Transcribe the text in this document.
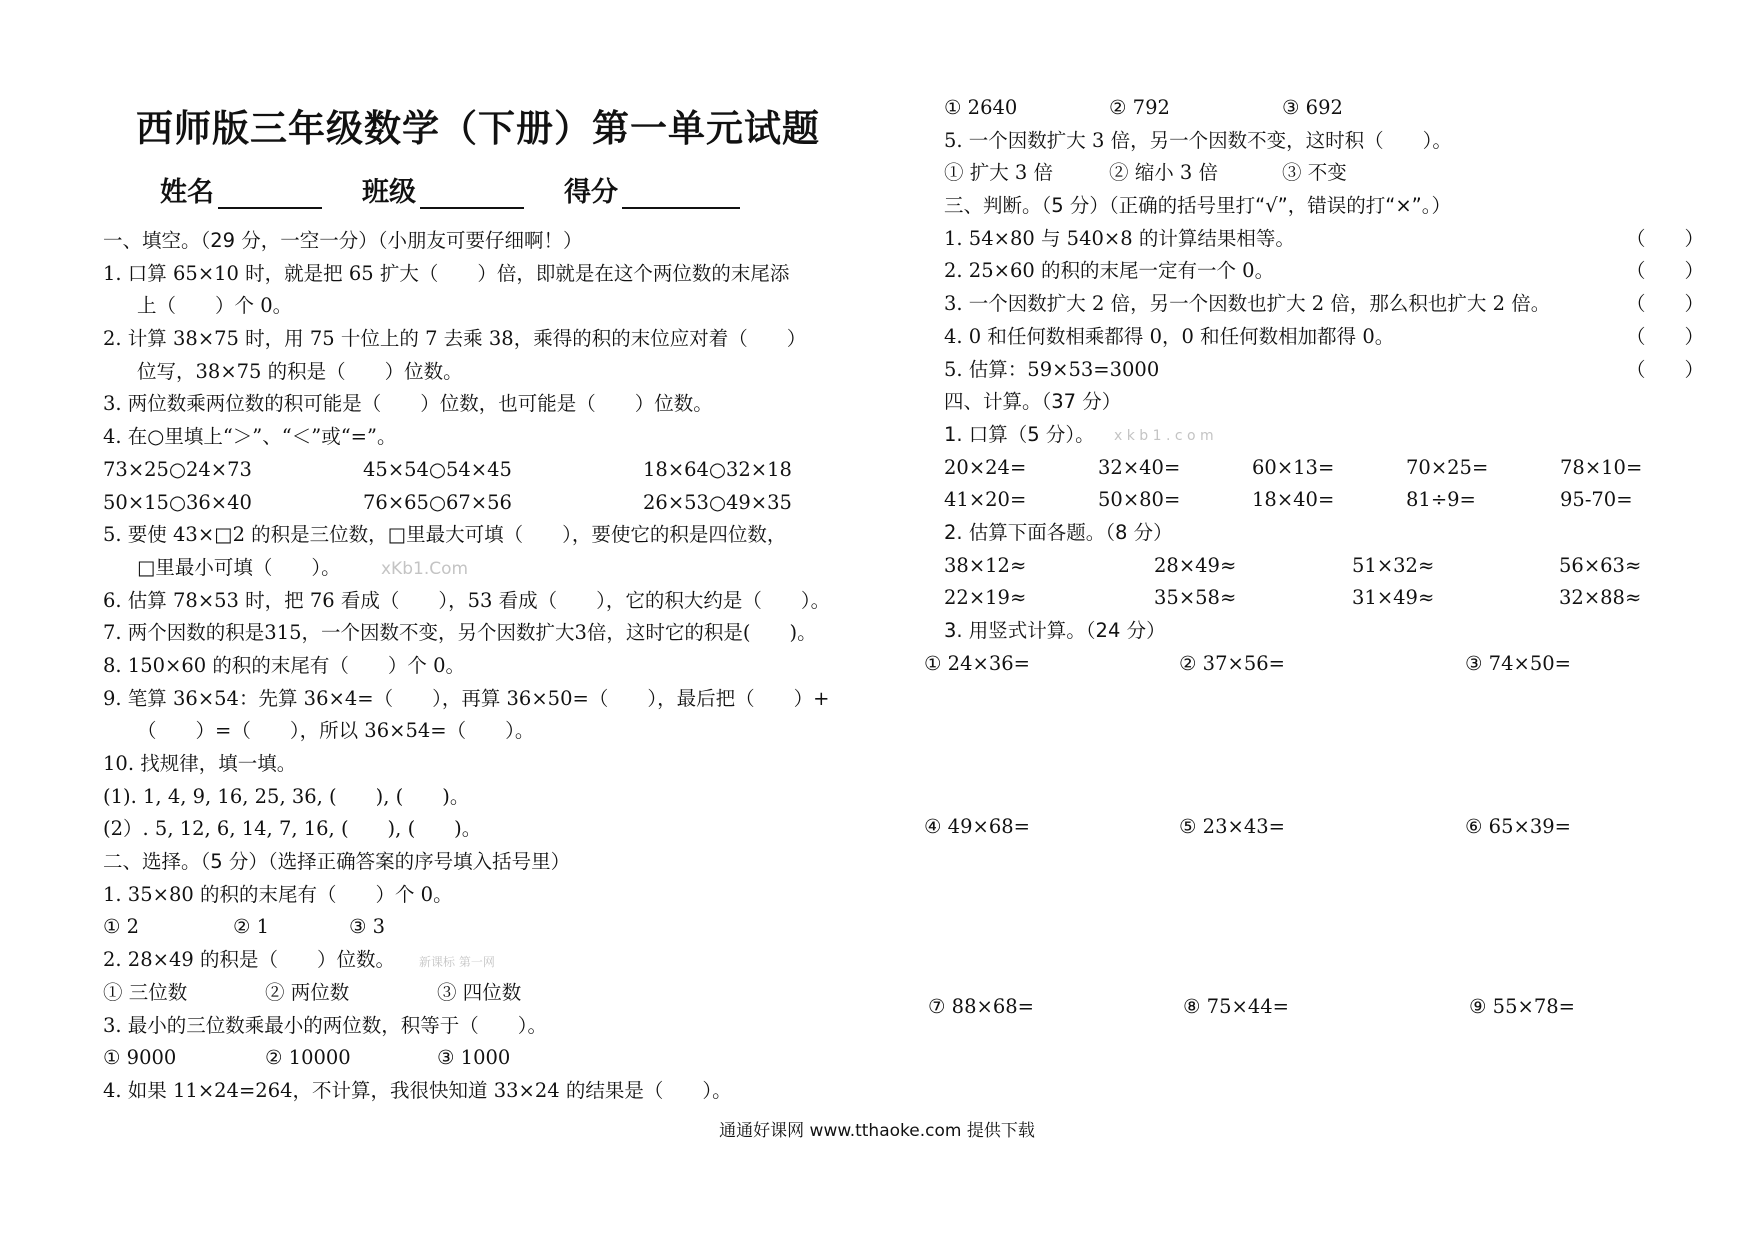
西师版三年级数学（下册）第一单元试题
姓名	班级	得分
一、填空。（29 分，一空一分）（小朋友可要仔细啊！）
1. 口算 65×10 时，就是把 65 扩大（　　）倍，即就是在这个两位数的末尾添
上（　　）个 0。
2. 计算 38×75 时，用 75 十位上的 7 去乘 38，乘得的积的末位应对着（　　）
位写，38×75 的积是（　　）位数。
3. 两位数乘两位数的积可能是（　　）位数，也可能是（　　）位数。
4. 在○里填上“＞”、“＜”或“=”。
73×25○24×73	45×54○54×45	18×64○32×18
50×15○36×40	76×65○67×56	26×53○49×35
5. 要使 43×□2 的积是三位数，□里最大可填（　　），要使它的积是四位数，
□里最小可填（　　）。 xKb1.Com
6. 估算 78×53 时，把 76 看成（　　），53 看成（　　），它的积大约是（　　）。
7. 两个因数的积是315，一个因数不变，另个因数扩大3倍，这时它的积是(　　)。
8. 150×60 的积的末尾有（　　）个 0。
9. 笔算 36×54：先算 36×4=（　　），再算 36×50=（　　），最后把（　　）+
（　　）=（　　），所以 36×54=（　　）。
10. 找规律，填一填。
(1). 1, 4, 9, 16, 25, 36, (　　), (　　)。
(2）. 5, 12, 6, 14, 7, 16, (　　), (　　)。
二、选择。（5 分）（选择正确答案的序号填入括号里）
1. 35×80 的积的末尾有（　　）个 0。
① 2	② 1	③ 3
2. 28×49 的积是（　　）位数。 新课标 第一网
① 三位数	② 两位数	③ 四位数
3. 最小的三位数乘最小的两位数，积等于（　　）。
① 9000	② 10000	③ 1000
4. 如果 11×24=264，不计算，我很快知道 33×24 的结果是（　　）。
① 2640	② 792	③ 692
5. 一个因数扩大 3 倍，另一个因数不变，这时积（　　）。
① 扩大 3 倍	② 缩小 3 倍	③ 不变
三、判断。（5 分）（正确的括号里打“√”，错误的打“×”。）
1. 54×80 与 540×8 的计算结果相等。	（　　）
2. 25×60 的积的末尾一定有一个 0。	（　　）
3. 一个因数扩大 2 倍，另一个因数也扩大 2 倍，那么积也扩大 2 倍。	（　　）
4. 0 和任何数相乘都得 0，0 和任何数相加都得 0。	（　　）
5. 估算：59×53=3000	（　　）
四、计算。（37 分）
1. 口算（5 分）。 x k b 1 . c o m
20×24=	32×40=	60×13=	70×25=	78×10=
41×20=	50×80=	18×40=	81÷9=	95-70=
2. 估算下面各题。（8 分）
38×12≈	28×49≈	51×32≈	56×63≈
22×19≈	35×58≈	31×49≈	32×88≈
3. 用竖式计算。（24 分）
① 24×36=	② 37×56=	③ 74×50=
④ 49×68=	⑤ 23×43=	⑥ 65×39=
⑦ 88×68=	⑧ 75×44=	⑨ 55×78=
通通好课网 www.tthaoke.com 提供下载
